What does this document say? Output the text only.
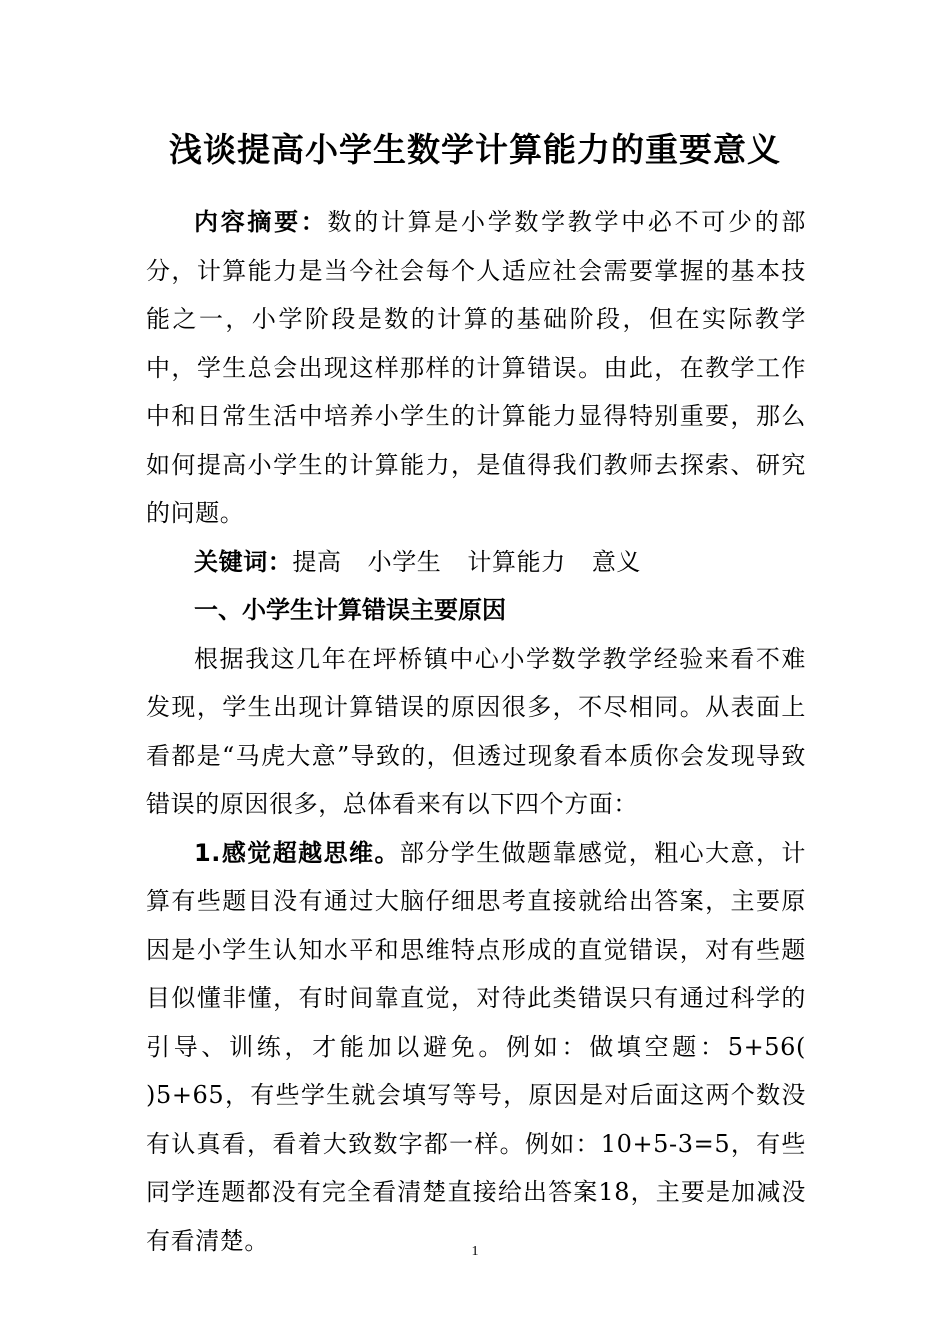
浅谈提高小学生数学计算能力的重要意义

内容摘要：数的计算是小学数学教学中必不可少的部分，计算能力是当今社会每个人适应社会需要掌握的基本技能之一，小学阶段是数的计算的基础阶段，但在实际教学中，学生总会出现这样那样的计算错误。由此，在教学工作中和日常生活中培养小学生的计算能力显得特别重要，那么如何提高小学生的计算能力，是值得我们教师去探索、研究的问题。

关键词：提高 小学生 计算能力 意义

一、小学生计算错误主要原因

根据我这几年在坪桥镇中心小学数学教学经验来看不难发现，学生出现计算错误的原因很多，不尽相同。从表面上看都是“马虎大意”导致的，但透过现象看本质你会发现导致错误的原因很多，总体看来有以下四个方面：

1.感觉超越思维。部分学生做题靠感觉，粗心大意，计算有些题目没有通过大脑仔细思考直接就给出答案，主要原因是小学生认知水平和思维特点形成的直觉错误，对有些题目似懂非懂，有时间靠直觉，对待此类错误只有通过科学的引导、训练，才能加以避免。例如：做填空题：5+56(　 )5+65，有些学生就会填写等号，原因是对后面这两个数没有认真看，看着大致数字都一样。例如：10+5-3=5，有些同学连题都没有完全看清楚直接给出答案18，主要是加减没有看清楚。	1
